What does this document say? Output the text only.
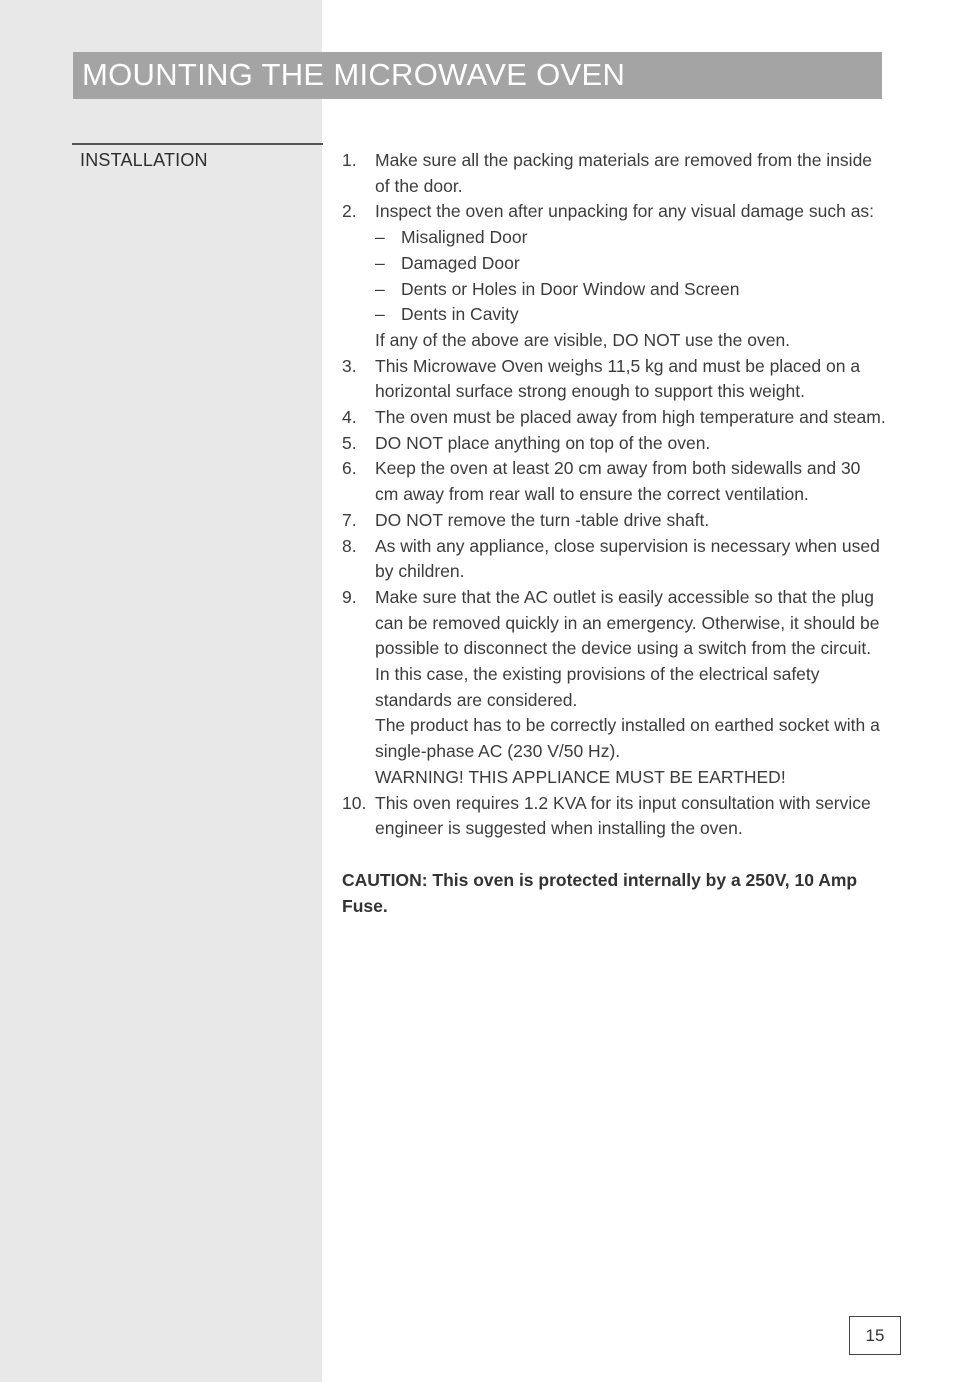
MOUNTING THE MICROWAVE OVEN
INSTALLATION	1.	Make sure all the packing materials are removed from the inside of the door.
2.	Inspect the oven after unpacking for any visual damage such as:
– Misaligned Door
– Damaged Door
– Dents or Holes in Door Window and Screen
– Dents in Cavity
If any of the above are visible, DO NOT use the oven.
3.	This Microwave Oven weighs 11,5 kg and must be placed on a horizontal surface strong enough to support this weight.
4.	The oven must be placed away from high temperature and steam.
5.	DO NOT place anything on top of the oven.
6.	Keep the oven at least 20 cm away from both sidewalls and 30 cm away from rear wall to ensure the correct ventilation.
7.	DO NOT remove the turn -table drive shaft.
8.	As with any appliance, close supervision is necessary when used by children.
9.	Make sure that the AC outlet is easily accessible so that the plug can be removed quickly in an emergency. Otherwise, it should be possible to disconnect the device using a switch from the circuit. In this case, the existing provisions of the electrical safety standards are considered.
The product has to be correctly installed on earthed socket with a single-phase AC (230 V/50 Hz).
WARNING! THIS APPLIANCE MUST BE EARTHED!
10. This oven requires 1.2 KVA for its input consultation with service engineer is suggested when installing the oven.
CAUTION: This oven is protected internally by a 250V, 10 Amp Fuse.
15
